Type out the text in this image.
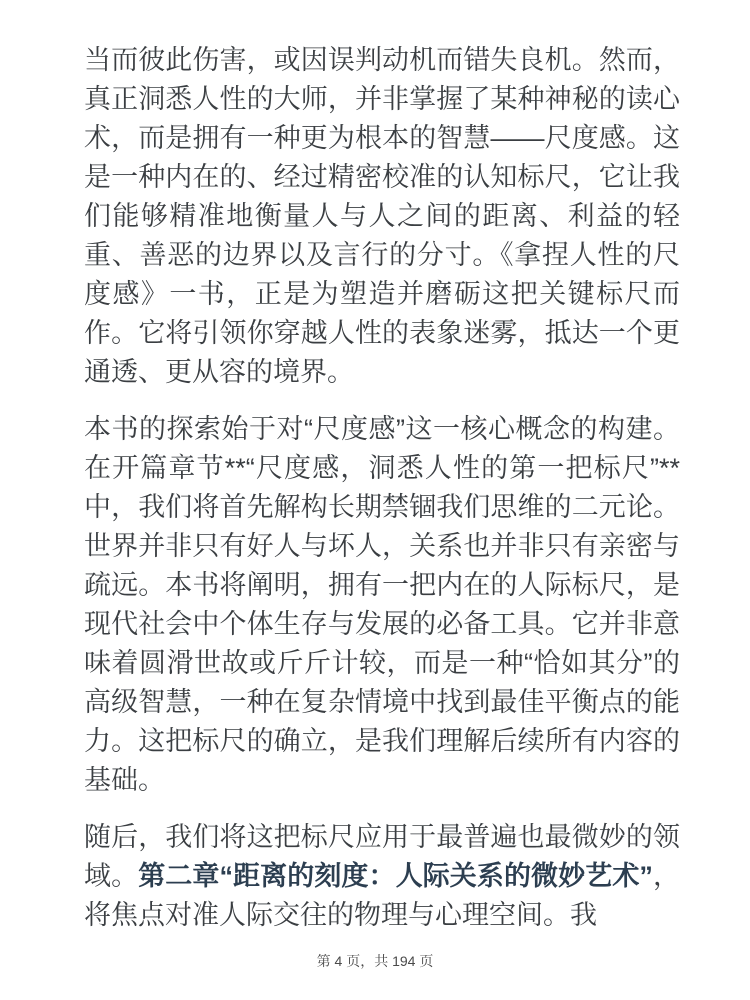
当而彼此伤害，或因误判动机而错失良机。然而，真正洞悉人性的大师，并非掌握了某种神秘的读心术，而是拥有一种更为根本的智慧——尺度感。这是一种内在的、经过精密校准的认知标尺，它让我们能够精准地衡量人与人之间的距离、利益的轻重、善恶的边界以及言行的分寸。《拿捏人性的尺度感》一书，正是为塑造并磨砺这把关键标尺而作。它将引领你穿越人性的表象迷雾，抵达一个更通透、更从容的境界。

本书的探索始于对“尺度感”这一核心概念的构建。在开篇章节**“尺度感，洞悉人性的第一把标尺”**中，我们将首先解构长期禁锢我们思维的二元论。世界并非只有好人与坏人，关系也并非只有亲密与疏远。本书将阐明，拥有一把内在的人际标尺，是现代社会中个体生存与发展的必备工具。它并非意味着圆滑世故或斤斤计较，而是一种“恰如其分”的高级智慧，一种在复杂情境中找到最佳平衡点的能力。这把标尺的确立，是我们理解后续所有内容的基础。

随后，我们将这把标尺应用于最普遍也最微妙的领域。第二章“距离的刻度：人际关系的微妙艺术”，将焦点对准人际交往的物理与心理空间。我

第 4 页，共 194 页
